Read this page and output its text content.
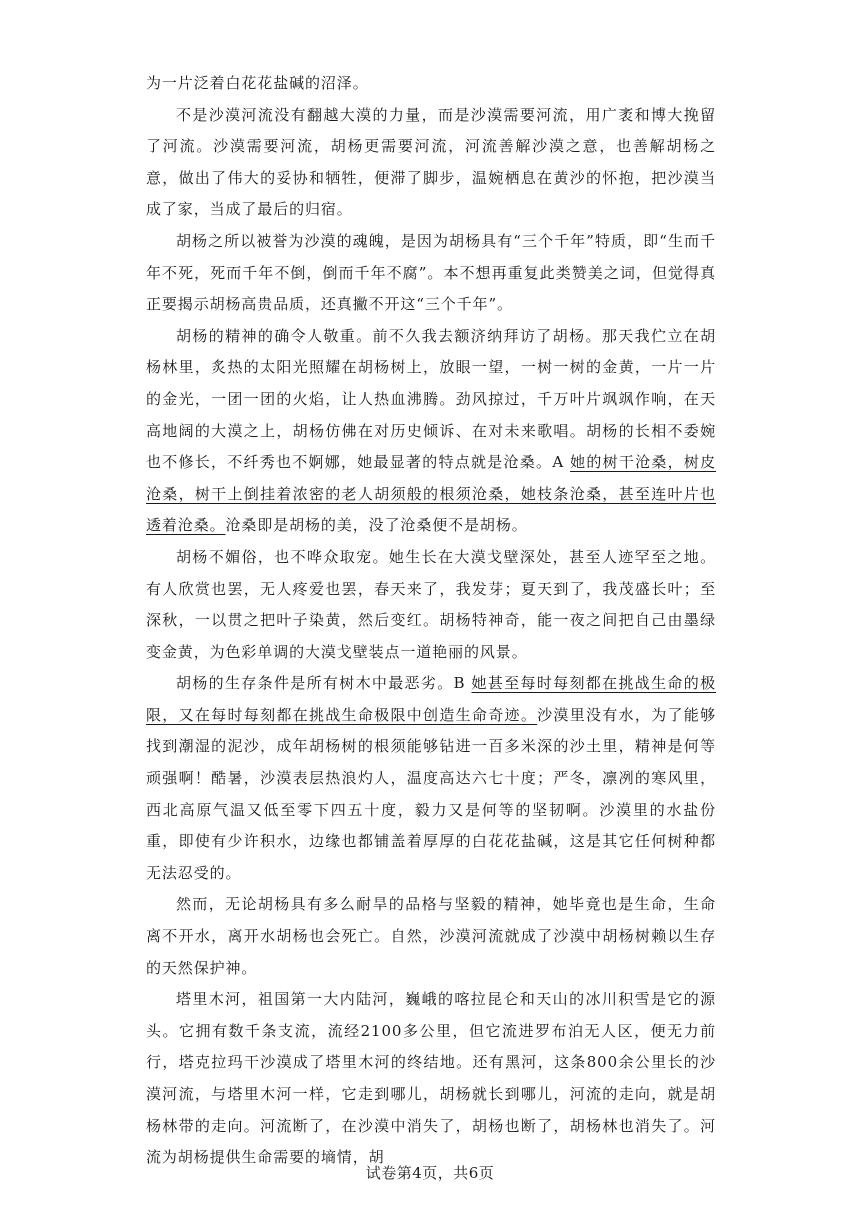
为一片泛着白花花盐碱的沼泽。

不是沙漠河流没有翻越大漠的力量，而是沙漠需要河流，用广袤和博大挽留了河流。沙漠需要河流，胡杨更需要河流，河流善解沙漠之意，也善解胡杨之意，做出了伟大的妥协和牺牲，便滞了脚步，温婉栖息在黄沙的怀抱，把沙漠当成了家，当成了最后的归宿。

胡杨之所以被誉为沙漠的魂魄，是因为胡杨具有“三个千年”特质，即“生而千年不死，死而千年不倒，倒而千年不腐”。本不想再重复此类赞美之词，但觉得真正要揭示胡杨高贵品质，还真撇不开这“三个千年”。

胡杨的精神的确令人敬重。前不久我去额济纳拜访了胡杨。那天我伫立在胡杨林里，炙热的太阳光照耀在胡杨树上，放眼一望，一树一树的金黄，一片一片的金光，一团一团的火焰，让人热血沸腾。劲风掠过，千万叶片飒飒作响，在天高地阔的大漠之上，胡杨仿佛在对历史倾诉、在对未来歌唱。胡杨的长相不委婉也不修长，不纤秀也不婀娜，她最显著的特点就是沧桑。A 她的树干沧桑，树皮沧桑，树干上倒挂着浓密的老人胡须般的根须沧桑，她枝条沧桑，甚至连叶片也透着沧桑。沧桑即是胡杨的美，没了沧桑便不是胡杨。

胡杨不媚俗，也不哗众取宠。她生长在大漠戈壁深处，甚至人迹罕至之地。有人欣赏也罢，无人疼爱也罢，春天来了，我发芽；夏天到了，我茂盛长叶；至深秋，一以贯之把叶子染黄，然后变红。胡杨特神奇，能一夜之间把自己由墨绿变金黄，为色彩单调的大漠戈壁装点一道艳丽的风景。

胡杨的生存条件是所有树木中最恶劣。B 她甚至每时每刻都在挑战生命的极限，又在每时每刻都在挑战生命极限中创造生命奇迹。沙漠里没有水，为了能够找到潮湿的泥沙，成年胡杨树的根须能够钻进一百多米深的沙土里，精神是何等顽强啊！酷暑，沙漠表层热浪灼人，温度高达六七十度；严冬，凛冽的寒风里，西北高原气温又低至零下四五十度，毅力又是何等的坚韧啊。沙漠里的水盐份重，即使有少许积水，边缘也都铺盖着厚厚的白花花盐碱，这是其它任何树种都无法忍受的。

然而，无论胡杨具有多么耐旱的品格与坚毅的精神，她毕竟也是生命，生命离不开水，离开水胡杨也会死亡。自然，沙漠河流就成了沙漠中胡杨树赖以生存的天然保护神。

塔里木河，祖国第一大内陆河，巍峨的喀拉昆仑和天山的冰川积雪是它的源头。它拥有数千条支流，流经2100多公里，但它流进罗布泊无人区，便无力前行，塔克拉玛干沙漠成了塔里木河的终结地。还有黑河，这条800余公里长的沙漠河流，与塔里木河一样，它走到哪儿，胡杨就长到哪儿，河流的走向，就是胡杨林带的走向。河流断了，在沙漠中消失了，胡杨也断了，胡杨林也消失了。河流为胡杨提供生命需要的墒情，胡

试卷第4页，共6页
